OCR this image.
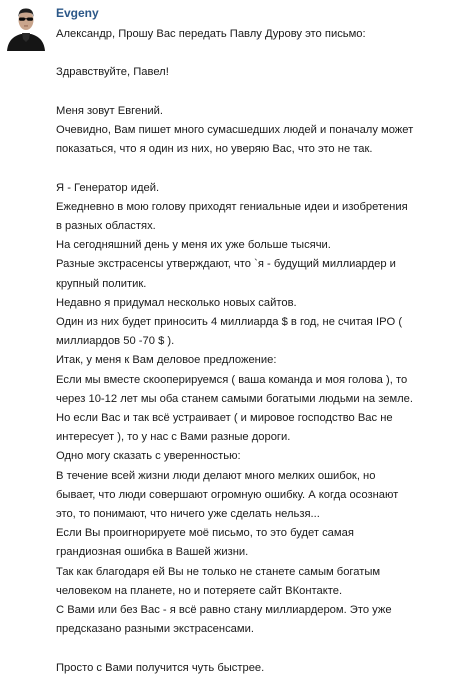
Evgeny

Александр, Прошу Вас передать Павлу Дурову это письмо:

Здравствуйте, Павел!

Меня зовут Евгений.

Очевидно, Вам пишет много сумасшедших людей и поначалу может

показаться, что я один из них, но уверяю Вас, что это не так.

Я - Генератор идей.

Ежедневно в мою голову приходят гениальные идеи и изобретения

в разных областях.

На сегодняшний день у меня их уже больше тысячи.

Разные экстрасенсы утверждают, что `я - будущий миллиардер и

крупный политик.

Недавно я придумал несколько новых сайтов.

Один из них будет приносить 4 миллиарда $ в год, не считая IPO (

миллиардов 50 -70 $ ).

Итак, у меня к Вам деловое предложение:

Если мы вместе скооперируемся ( ваша команда и моя голова ), то

через 10-12 лет мы оба станем самыми богатыми людьми на земле.

Но если Вас и так всё устраивает ( и мировое господство Вас не

интересует ), то у нас с Вами разные дороги.

Одно могу сказать с уверенностью:

В течение всей жизни люди делают много мелких ошибок, но

бывает, что люди совершают огромную ошибку. А когда осознают

это, то понимают, что ничего уже сделать нельзя...

Если Вы проигнорируете моё письмо, то это будет самая

грандиозная ошибка в Вашей жизни.

Так как благодаря ей Вы не только не станете самым богатым

человеком на планете, но и потеряете сайт ВКонтакте.

С Вами или без Вас - я всё равно стану миллиардером. Это уже

предсказано разными экстрасенсами.

Просто с Вами получится чуть быстрее.
